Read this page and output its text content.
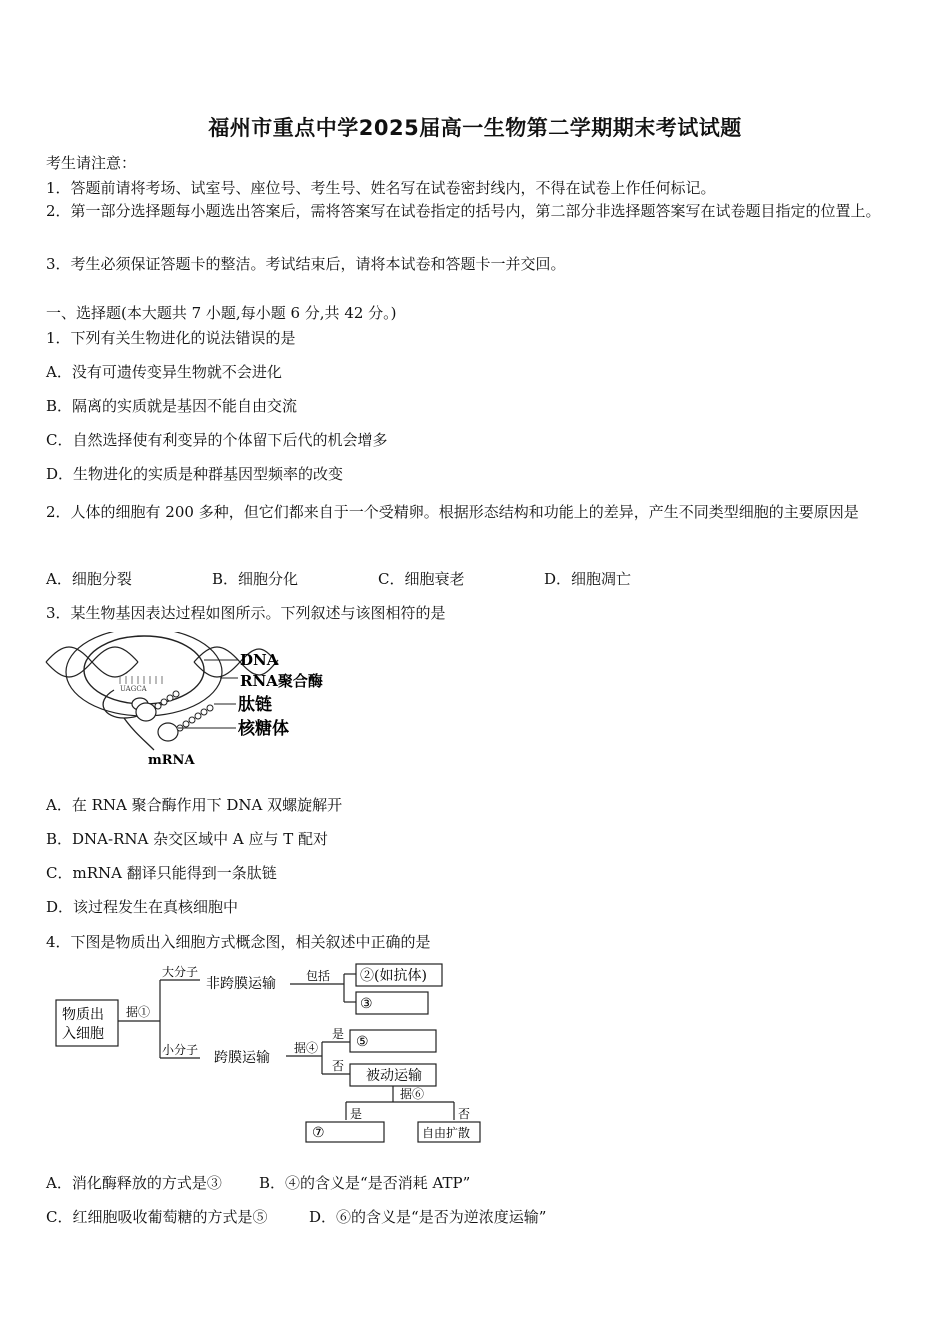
福州市重点中学2025届高一生物第二学期期末考试试题
考生请注意：
1．答题前请将考场、试室号、座位号、考生号、姓名写在试卷密封线内，不得在试卷上作任何标记。
2．第一部分选择题每小题选出答案后，需将答案写在试卷指定的括号内，第二部分非选择题答案写在试卷题目指定的位置上。
3．考生必须保证答题卡的整洁。考试结束后，请将本试卷和答题卡一并交回。
一、选择题(本大题共 7 小题,每小题 6 分,共 42 分。)
1．下列有关生物进化的说法错误的是
A．没有可遗传变异生物就不会进化
B．隔离的实质就是基因不能自由交流
C．自然选择使有利变异的个体留下后代的机会增多
D．生物进化的实质是种群基因型频率的改变
2．人体的细胞有 200 多种，但它们都来自于一个受精卵。根据形态结构和功能上的差异，产生不同类型细胞的主要原因是
A．细胞分裂	B．细胞分化	C．细胞衰老	D．细胞凋亡
3．某生物基因表达过程如图所示。下列叙述与该图相符的是
UAGCA
DNA
RNA聚合酶
肽链
核糖体
mRNA
A．在 RNA 聚合酶作用下 DNA 双螺旋解开
B．DNA-RNA 杂交区域中 A 应与 T 配对
C．mRNA 翻译只能得到一条肽链
D．该过程发生在真核细胞中
4．下图是物质出入细胞方式概念图，相关叙述中正确的是
物质出
入细胞
据①
大分子
非跨膜运输	包括 ②(如抗体)
③
小分子 跨膜运输
据④
是
否
⑤
被动运输
据⑥
是	否
⑦	自由扩散
A．消化酶释放的方式是③ B．④的含义是“是否消耗 ATP”
C．红细胞吸收葡萄糖的方式是⑤	D．⑥的含义是“是否为逆浓度运输”
